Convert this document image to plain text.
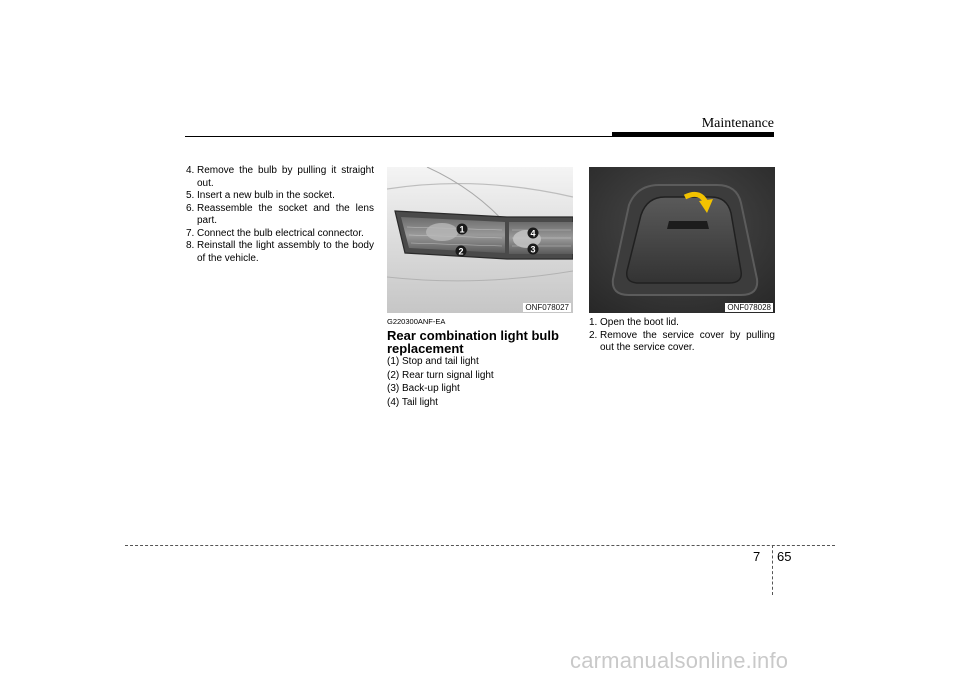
Maintenance
4. Remove the bulb by pulling it straight out.
5. Insert a new bulb in the socket.
6. Reassemble the socket and the lens part.
7. Connect the bulb electrical connector.
8. Reinstall the light assembly to the body of the vehicle.
1
2	3
4
ONF078027
G220300ANF-EA
Rear combination light bulb replacement
(1) Stop and tail light
(2) Rear turn signal light
(3) Back-up light
(4) Tail light
ONF078028
1. Open the boot lid.
2. Remove the service cover by pulling out the service cover.
7 65
carmanualsonline.info
